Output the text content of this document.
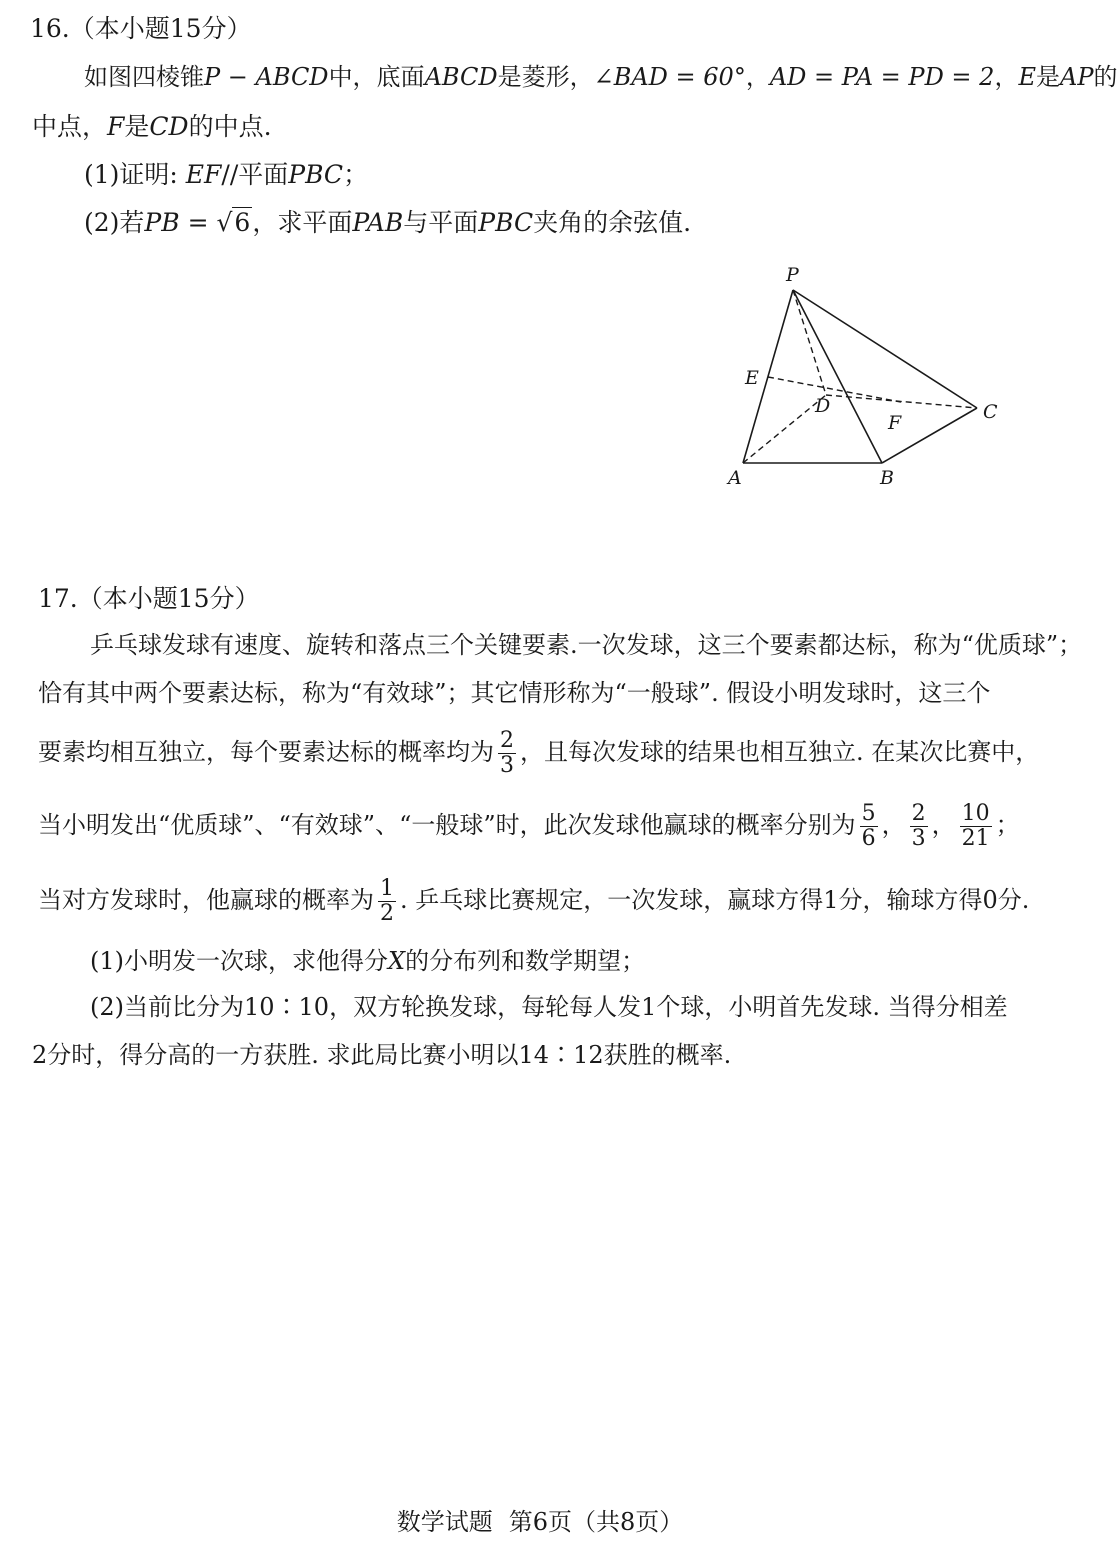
16.（本小题15分）
如图四棱锥P − ABCD中，底面ABCD是菱形，∠BAD = 60°，AD = PA = PD = 2，E是AP的
中点，F是CD的中点.
(1)证明: EF//平面PBC；
(2)若PB = √6，求平面PAB与平面PBC夹角的余弦值.
P
E
D
F	C
A	B
17.（本小题15分）
乒乓球发球有速度、旋转和落点三个关键要素.一次发球，这三个要素都达标，称为“优质球”；
恰有其中两个要素达标，称为“有效球”；其它情形称为“一般球”. 假设小明发球时，这三个
要素均相互独立，每个要素达标的概率均为 $\frac{2}{3}$ ，且每次发球的结果也相互独立. 在某次比赛中，
当小明发出“优质球”、“有效球”、“一般球”时，此次发球他赢球的概率分别为 $\frac{5}{6}$ ， $\frac{2}{3}$ ， $\frac{10}{21}$ ；
当对方发球时，他赢球的概率为 $\frac{1}{2}$ . 乒乓球比赛规定，一次发球，赢球方得1分，输球方得0分.
(1)小明发一次球，求他得分X的分布列和数学期望；
(2)当前比分为10∶10，双方轮换发球，每轮每人发1个球，小明首先发球. 当得分相差
2分时，得分高的一方获胜. 求此局比赛小明以14∶12获胜的概率.
数学试题 第6页（共8页）
